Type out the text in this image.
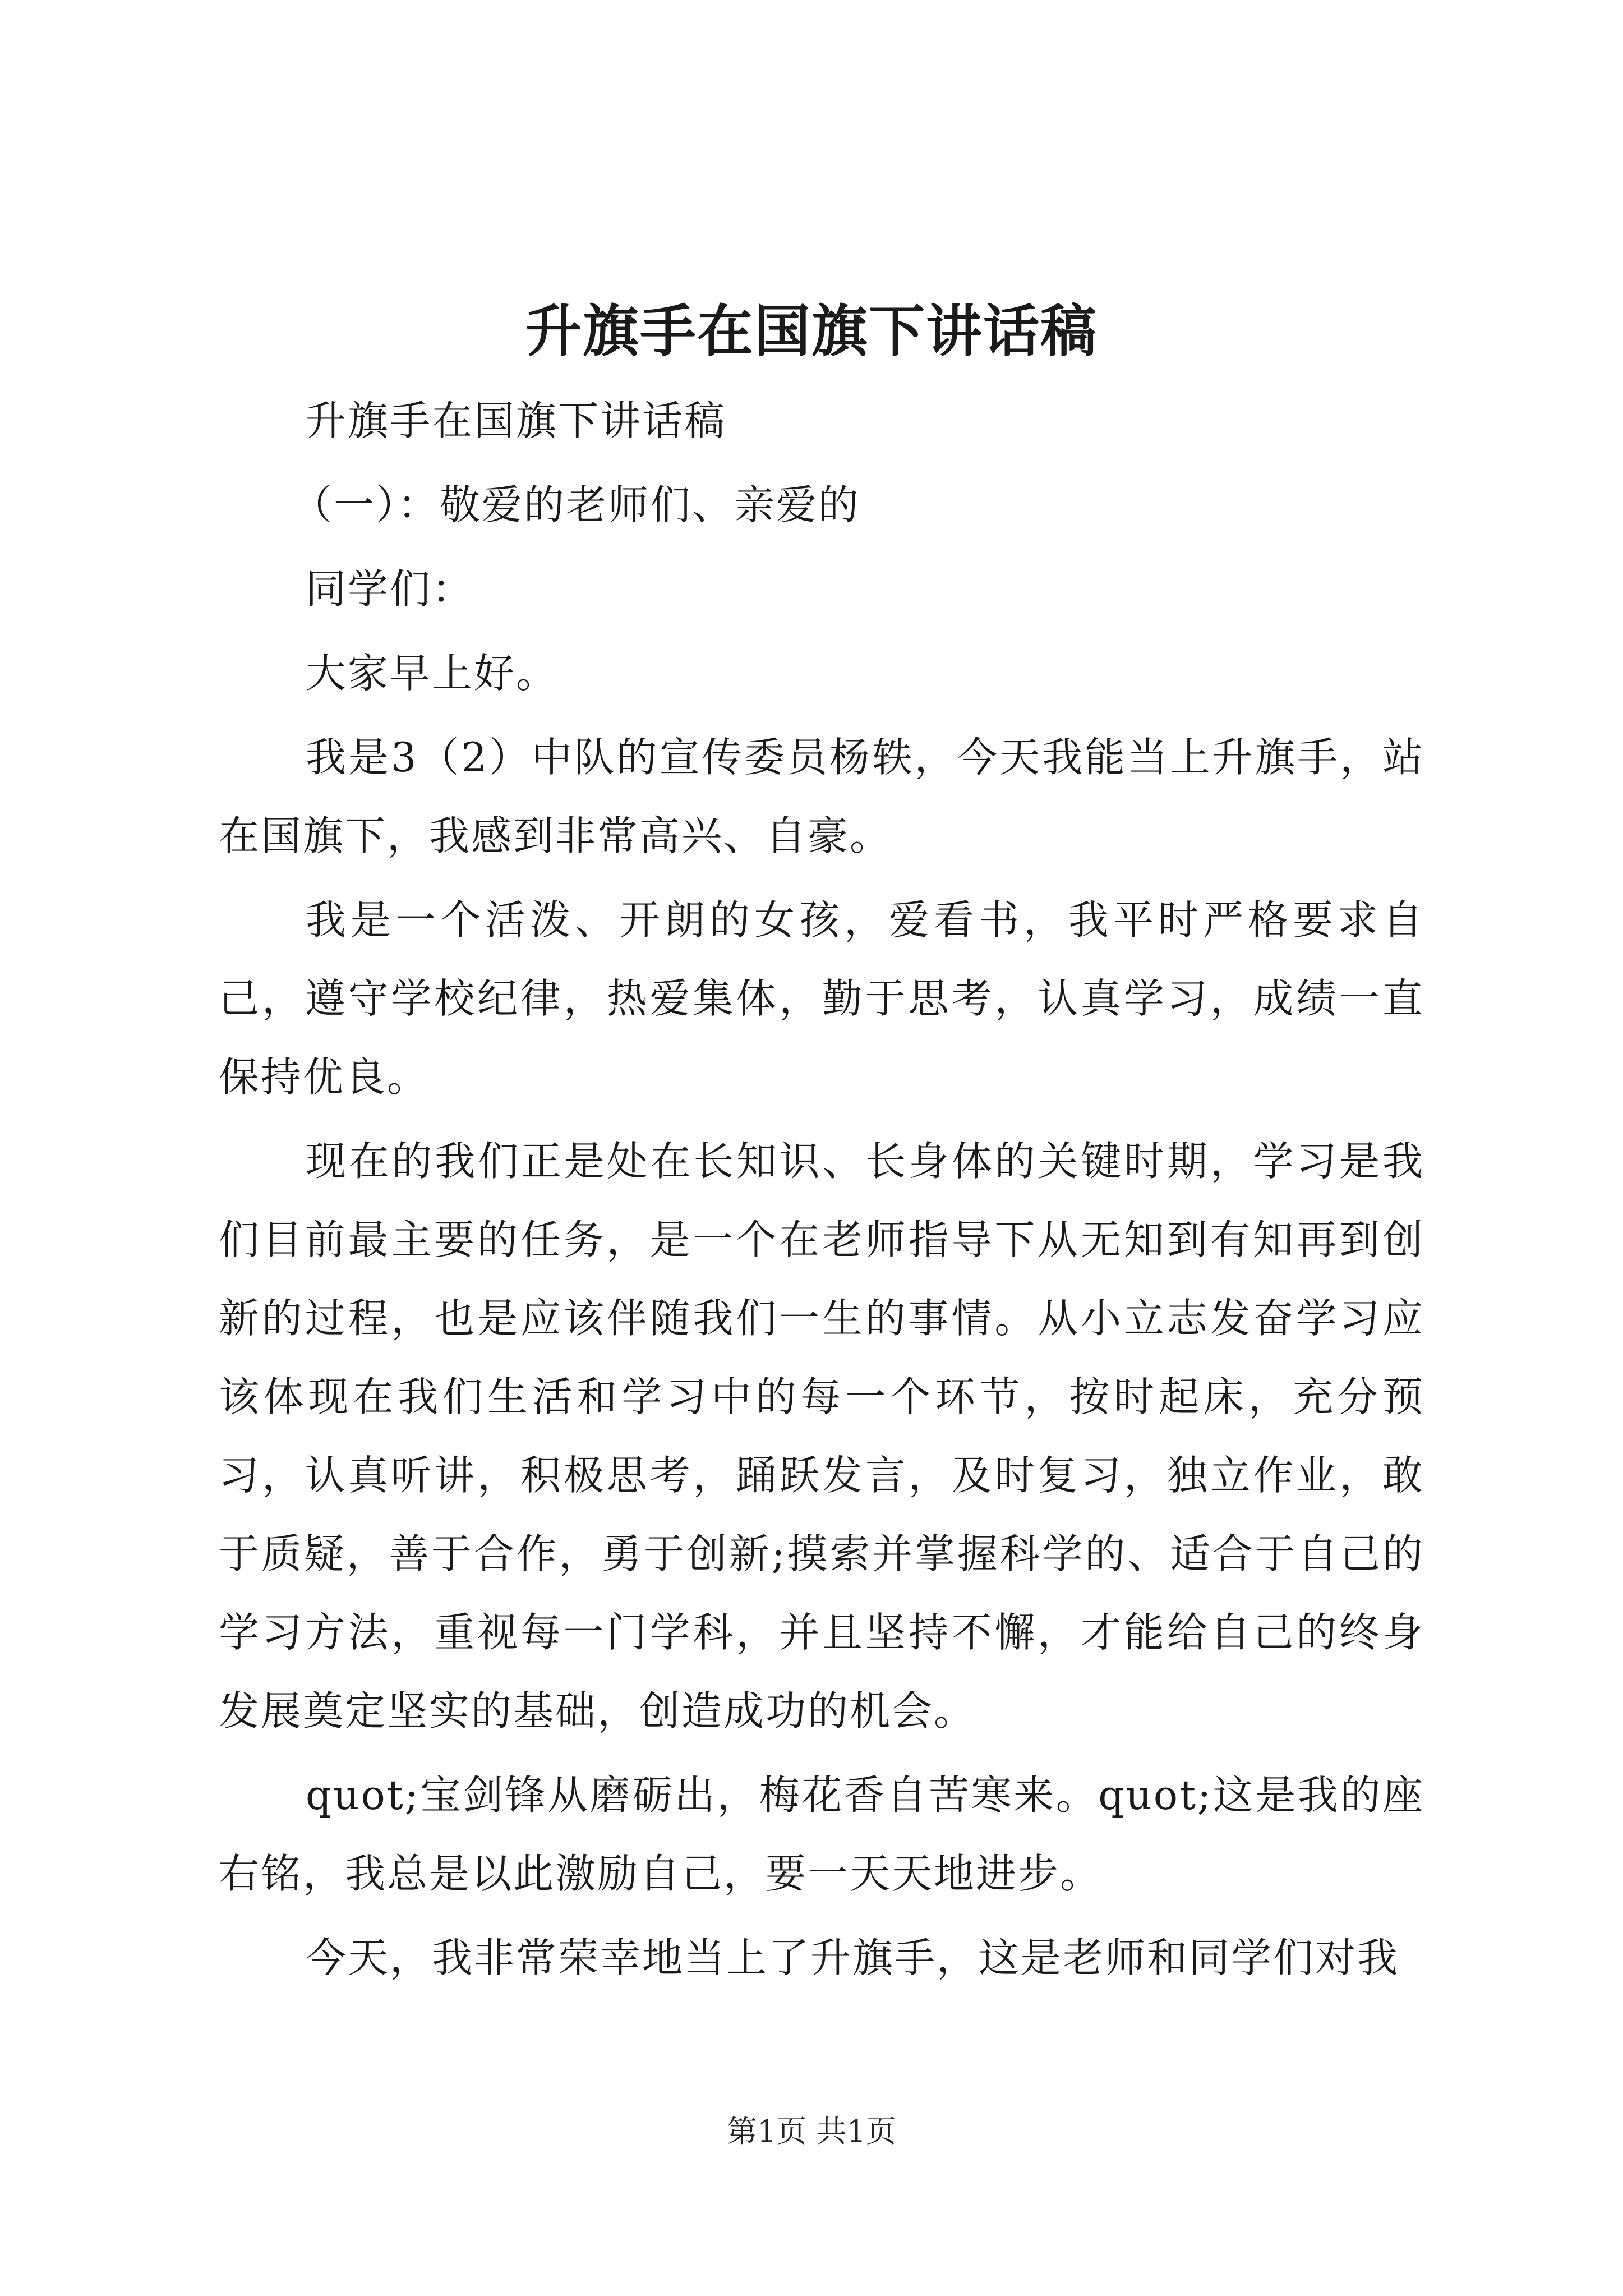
升旗手在国旗下讲话稿

升旗手在国旗下讲话稿

（一）：敬爱的老师们、亲爱的

同学们：

大家早上好。

我是3（2）中队的宣传委员杨轶，今天我能当上升旗手，站在国旗下，我感到非常高兴、自豪。

我是一个活泼、开朗的女孩，爱看书，我平时严格要求自己，遵守学校纪律，热爱集体，勤于思考，认真学习，成绩一直保持优良。

现在的我们正是处在长知识、长身体的关键时期，学习是我们目前最主要的任务，是一个在老师指导下从无知到有知再到创新的过程，也是应该伴随我们一生的事情。从小立志发奋学习应该体现在我们生活和学习中的每一个环节，按时起床，充分预习，认真听讲，积极思考，踊跃发言，及时复习，独立作业，敢于质疑，善于合作，勇于创新;摸索并掌握科学的、适合于自己的学习方法，重视每一门学科，并且坚持不懈，才能给自己的终身发展奠定坚实的基础，创造成功的机会。

quot;宝剑锋从磨砺出，梅花香自苦寒来。quot;这是我的座右铭，我总是以此激励自己，要一天天地进步。

今天，我非常荣幸地当上了升旗手，这是老师和同学们对我

第1页 共1页
